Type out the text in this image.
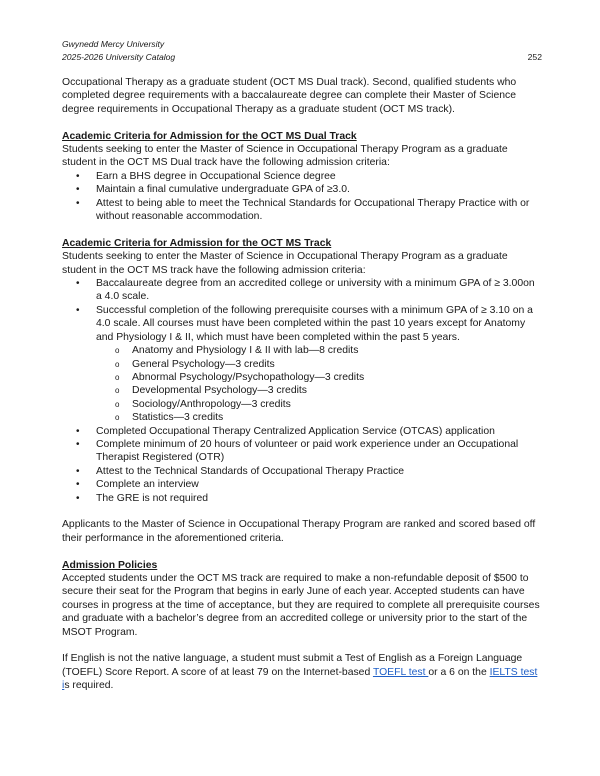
Gwynedd Mercy University
2025-2026 University Catalog	252

Occupational Therapy as a graduate student (OCT MS Dual track). Second, qualified students who completed degree requirements with a baccalaureate degree can complete their Master of Science degree requirements in Occupational Therapy as a graduate student (OCT MS track).

Academic Criteria for Admission for the OCT MS Dual Track

Students seeking to enter the Master of Science in Occupational Therapy Program as a graduate student in the OCT MS Dual track have the following admission criteria:

• Earn a BHS degree in Occupational Science degree
• Maintain a final cumulative undergraduate GPA of ≥3.0.
• Attest to being able to meet the Technical Standards for Occupational Therapy Practice with or without reasonable accommodation.
Academic Criteria for Admission for the OCT MS Track

Students seeking to enter the Master of Science in Occupational Therapy Program as a graduate student in the OCT MS track have the following admission criteria:

• Baccalaureate degree from an accredited college or university with a minimum GPA of ≥ 3.00on a 4.0 scale.
• Successful completion of the following prerequisite courses with a minimum GPA of ≥ 3.10 on a 4.0 scale. All courses must have been completed within the past 10 years except for Anatomy and Physiology I & II, which must have been completed within the past 5 years.
o Anatomy and Physiology I & II with lab—8 credits
o General Psychology—3 credits
o Abnormal Psychology/Psychopathology—3 credits
o Developmental Psychology—3 credits
o Sociology/Anthropology—3 credits
o Statistics—3 credits
• Completed Occupational Therapy Centralized Application Service (OTCAS) application
• Complete minimum of 20 hours of volunteer or paid work experience under an Occupational Therapist Registered (OTR)
• Attest to the Technical Standards of Occupational Therapy Practice
• Complete an interview
• The GRE is not required

Applicants to the Master of Science in Occupational Therapy Program are ranked and scored based off their performance in the aforementioned criteria.

Admission Policies

Accepted students under the OCT MS track are required to make a non-refundable deposit of $500 to secure their seat for the Program that begins in early June of each year. Accepted students can have courses in progress at the time of acceptance, but they are required to complete all prerequisite courses and graduate with a bachelor’s degree from an accredited college or university prior to the start of the MSOT Program.

If English is not the native language, a student must submit a Test of English as a Foreign Language (TOEFL) Score Report. A score of at least 79 on the Internet-based TOEFL test or a 6 on the IELTS test is required.
